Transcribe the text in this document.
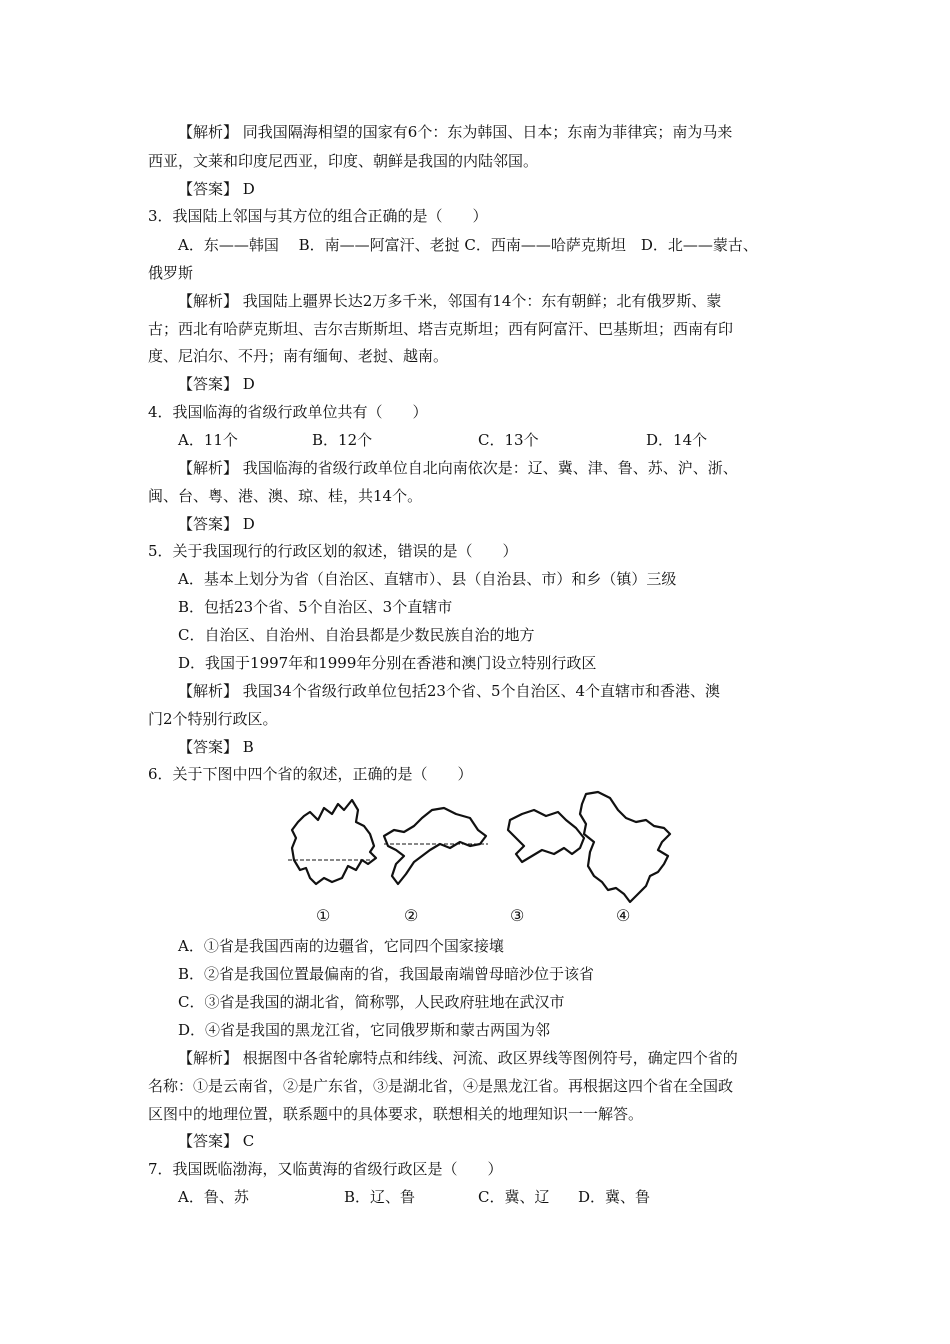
【解析】 同我国隔海相望的国家有6个：东为韩国、日本；东南为菲律宾；南为马来
西亚，文莱和印度尼西亚，印度、朝鲜是我国的内陆邻国。
【答案】 D
3．我国陆上邻国与其方位的组合正确的是（　　）
A．东——韩国　 B．南——阿富汗、老挝 C．西南——哈萨克斯坦　D．北——蒙古、
俄罗斯
【解析】 我国陆上疆界长达2万多千米，邻国有14个：东有朝鲜；北有俄罗斯、蒙
古；西北有哈萨克斯坦、吉尔吉斯斯坦、塔吉克斯坦；西有阿富汗、巴基斯坦；西南有印
度、尼泊尔、不丹；南有缅甸、老挝、越南。
【答案】 D
4．我国临海的省级行政单位共有（　　）
A．11个	B．12个	C．13个	D．14个
【解析】 我国临海的省级行政单位自北向南依次是：辽、冀、津、鲁、苏、沪、浙、
闽、台、粤、港、澳、琼、桂，共14个。
【答案】 D
5．关于我国现行的行政区划的叙述，错误的是（　　）
A．基本上划分为省（自治区、直辖市）、县（自治县、市）和乡（镇）三级
B．包括23个省、5个自治区、3个直辖市
C．自治区、自治州、自治县都是少数民族自治的地方
D．我国于1997年和1999年分别在香港和澳门设立特别行政区
【解析】 我国34个省级行政单位包括23个省、5个自治区、4个直辖市和香港、澳
门2个特别行政区。
【答案】 B
6．关于下图中四个省的叙述，正确的是（　　）
①	②	③	④
A．①省是我国西南的边疆省，它同四个国家接壤
B．②省是我国位置最偏南的省，我国最南端曾母暗沙位于该省
C．③省是我国的湖北省，简称鄂，人民政府驻地在武汉市
D．④省是我国的黑龙江省，它同俄罗斯和蒙古两国为邻
【解析】 根据图中各省轮廓特点和纬线、河流、政区界线等图例符号，确定四个省的
名称：①是云南省，②是广东省，③是湖北省，④是黑龙江省。再根据这四个省在全国政
区图中的地理位置，联系题中的具体要求，联想相关的地理知识一一解答。
【答案】 C
7．我国既临渤海，又临黄海的省级行政区是（　　）
A．鲁、苏	B．辽、鲁	C．冀、辽 D．冀、鲁
